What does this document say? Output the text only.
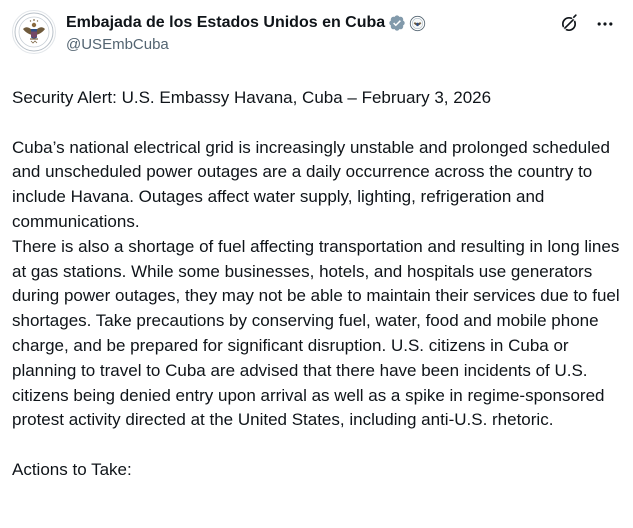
Embajada de los Estados Unidos en Cuba
@USEmbCuba

Security Alert: U.S. Embassy Havana, Cuba – February 3, 2026

Cuba’s national electrical grid is increasingly unstable and prolonged scheduled and unscheduled power outages are a daily occurrence across the country to include Havana. Outages affect water supply, lighting, refrigeration and communications.

There is also a shortage of fuel affecting transportation and resulting in long lines at gas stations. While some businesses, hotels, and hospitals use generators during power outages, they may not be able to maintain their services due to fuel shortages. Take precautions by conserving fuel, water, food and mobile phone charge, and be prepared for significant disruption. U.S. citizens in Cuba or planning to travel to Cuba are advised that there have been incidents of U.S. citizens being denied entry upon arrival as well as a spike in regime-sponsored protest activity directed at the United States, including anti-U.S. rhetoric.

Actions to Take:
